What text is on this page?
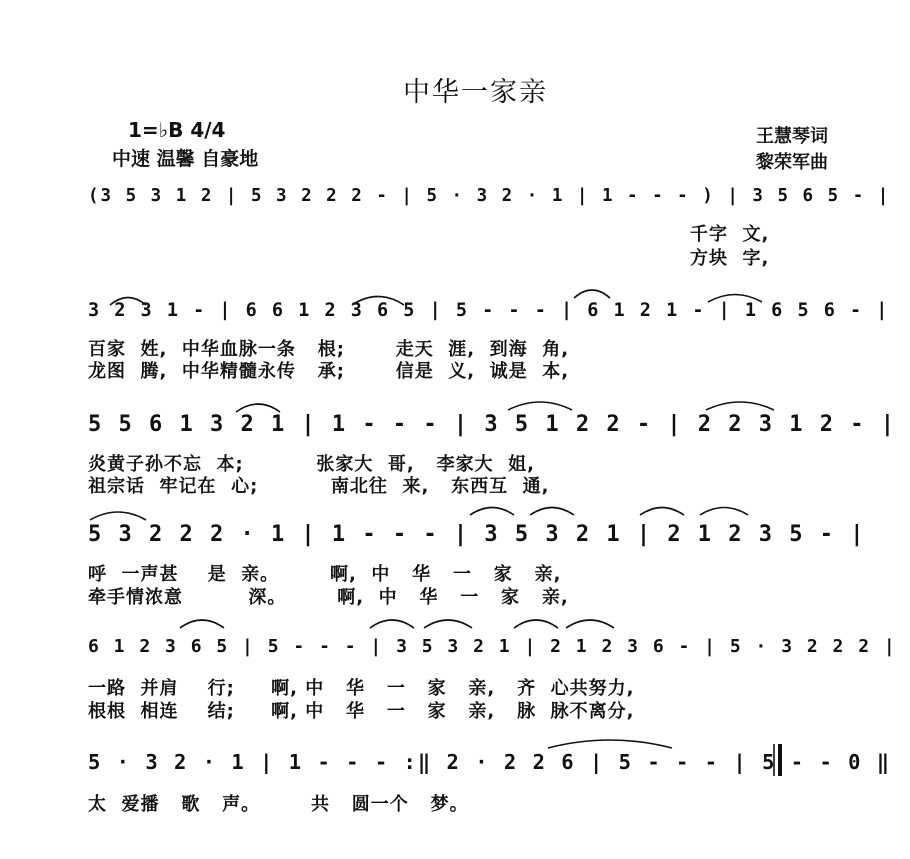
中华一家亲
1=♭B 4/4
中速 温馨 自豪地
王慧琴词
黎荣军曲
(3 5 3 1 2 | 5 3 2 2 2 - | 5 · 3 2 · 1 | 1 - - - ) | 3 5 6 5 - |
千字  文,
方块  字,
3 2 3 1 - | 6 6 1 2 3 6 5 | 5 - - - | 6 1 2 1 - | 1 6 5 6 - |
百家  姓,  中华血脉一条   根;       走天  涯,  到海  角,
龙图  腾,  中华精髓永传   承;       信是  义,  诚是  本,
5 5 6 1 3 2 1 | 1 - - - | 3 5 1 2 2 - | 2 2 3 1 2 - |
炎黄子孙不忘  本;          张家大  哥,   李家大  姐,
祖宗话  牢记在  心;          南北往  来,   东西互  通,
5 3 2 2 2 · 1 | 1 - - - | 3 5 3 2 1 | 2 1 2 3 5 - |
呼  一声甚    是  亲。       啊,  中   华   一   家   亲,
牵手情浓意         深。       啊,  中   华   一   家   亲,
6 1 2 3 6 5 | 5 - - - | 3 5 3 2 1 | 2 1 2 3 6 - | 5 · 3 2 2 2 |
一路  并肩    行;     啊, 中   华   一   家   亲,   齐  心共努力,
根根  相连    结;     啊, 中   华   一   家   亲,   脉  脉不离分,
5 · 3 2 · 1 | 1 - - - :‖ 2 · 2 2 6 | 5 - - - | 5 - - 0 ‖
太  爱播   歌   声。       共   圆一个   梦。
